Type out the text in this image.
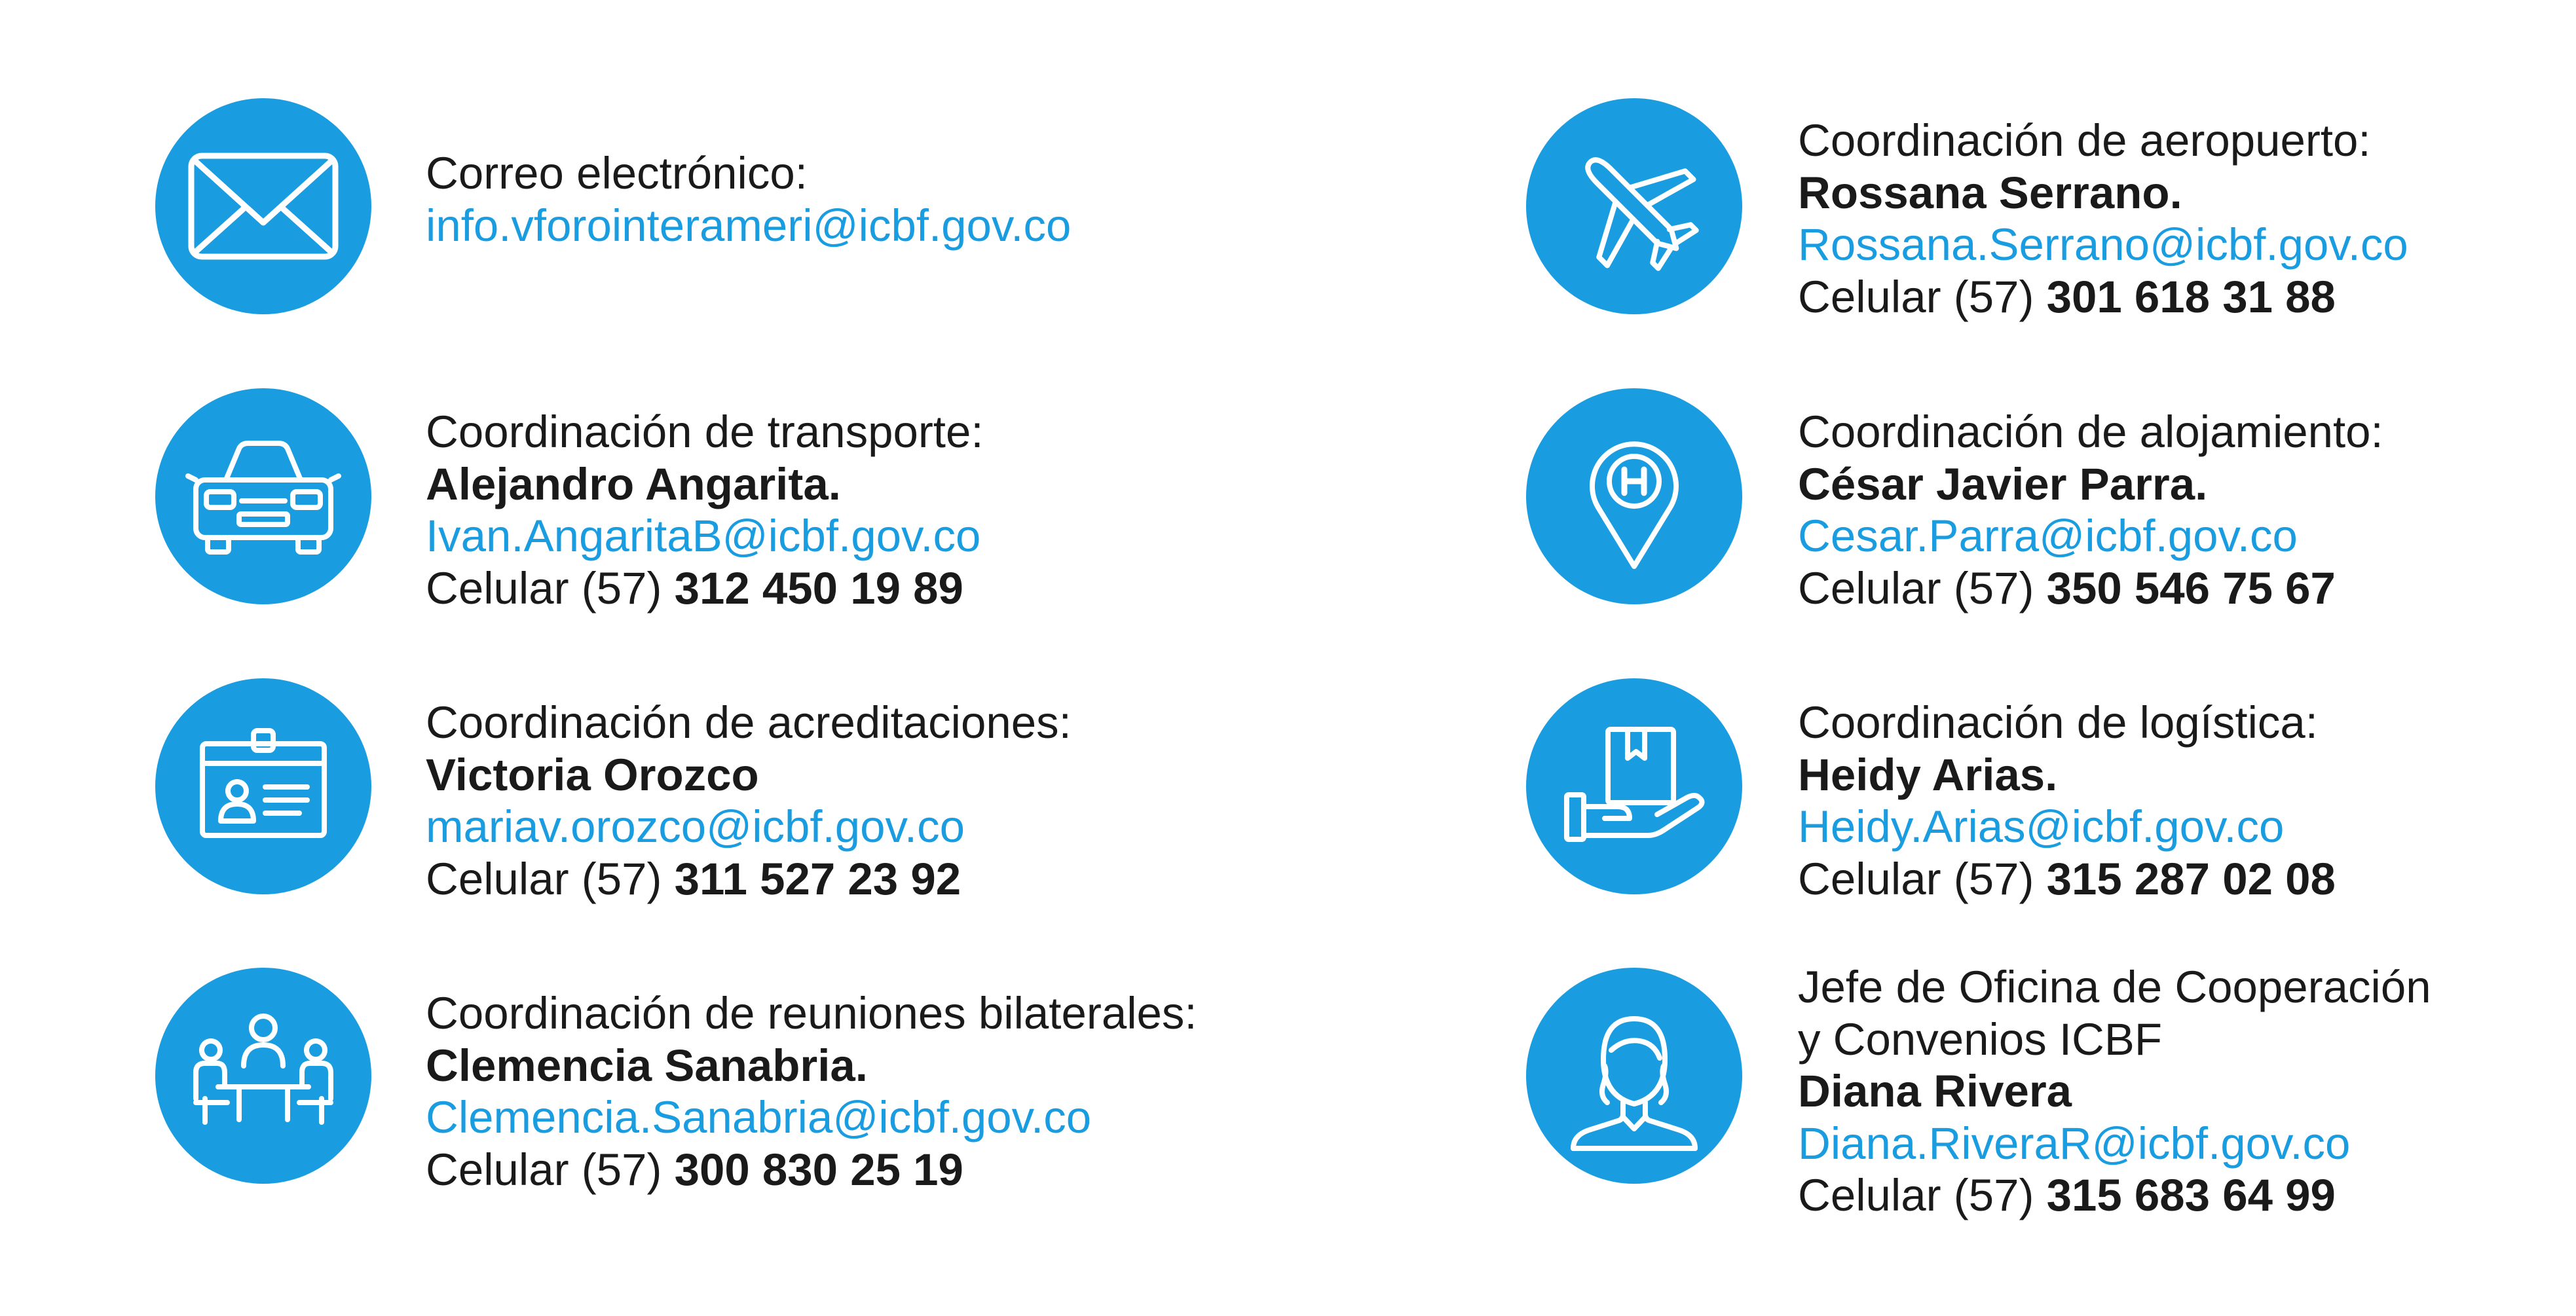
Correo electrónico:
info.vforointerameri@icbf.gov.co
Coordinación de transporte:
Alejandro Angarita.
Ivan.AngaritaB@icbf.gov.co
Celular (57) 312 450 19 89
Coordinación de acreditaciones:
Victoria Orozco
mariav.orozco@icbf.gov.co
Celular (57) 311 527 23 92
Coordinación de reuniones bilaterales:
Clemencia Sanabria.
Clemencia.Sanabria@icbf.gov.co
Celular (57) 300 830 25 19
Coordinación de aeropuerto:
Rossana Serrano.
Rossana.Serrano@icbf.gov.co
Celular (57) 301 618 31 88
Coordinación de alojamiento:
César Javier Parra.
Cesar.Parra@icbf.gov.co
Celular (57) 350 546 75 67
Coordinación de logística:
Heidy Arias.
Heidy.Arias@icbf.gov.co
Celular (57) 315 287 02 08
Jefe de Oficina de Cooperación
y Convenios ICBF
Diana Rivera
Diana.RiveraR@icbf.gov.co
Celular (57) 315 683 64 99
